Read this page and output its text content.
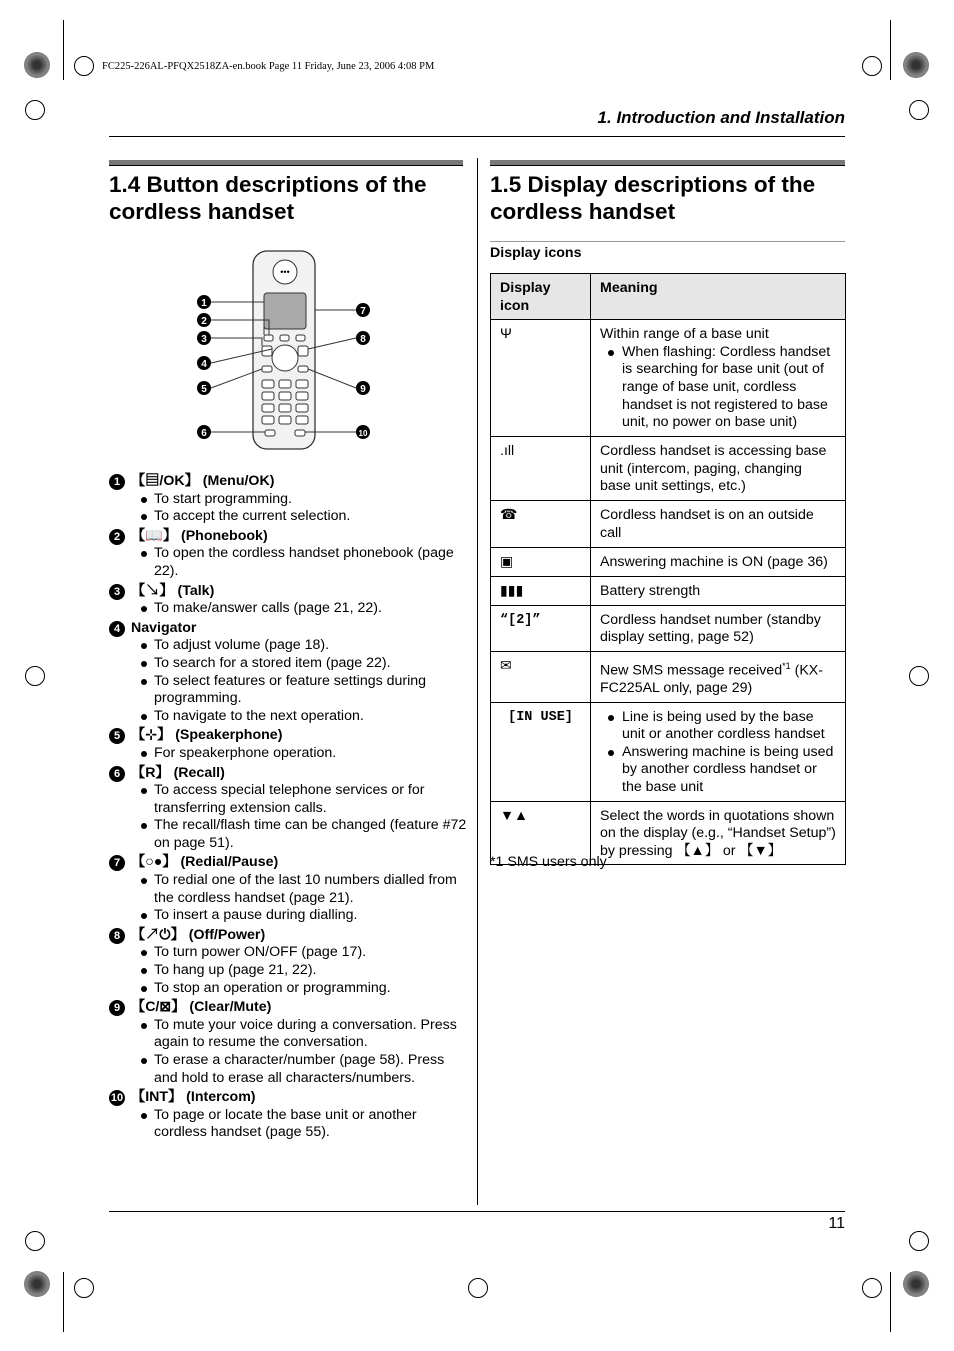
FC225-226AL-PFQX2518ZA-en.book Page 11 Friday, June 23, 2006 4:08 PM
1. Introduction and Installation
1.4 Button descriptions of the
cordless handset
•••
1
2
3
4
5
6
7
8
9
10
1 【▤/OK】 (Menu/OK)
To start programming.
To accept the current selection.
2 【📖】 (Phonebook)
To open the cordless handset phonebook (page 22).
3 【↘】 (Talk)
To make/answer calls (page 21, 22).
4 Navigator
To adjust volume (page 18).
To search for a stored item (page 22).
To select features or feature settings during programming.
To navigate to the next operation.
5 【⊹】 (Speakerphone)
For speakerphone operation.
6 【R】 (Recall)
To access special telephone services or for transferring extension calls.
The recall/flash time can be changed (feature #72 on page 51).
7 【○●】 (Redial/Pause)
To redial one of the last 10 numbers dialled from the cordless handset (page 21).
To insert a pause during dialling.
8 【↗⏻】 (Off/Power)
To turn power ON/OFF (page 17).
To hang up (page 21, 22).
To stop an operation or programming.
9 【C/⊠】 (Clear/Mute)
To mute your voice during a conversation. Press again to resume the conversation.
To erase a character/number (page 58). Press and hold to erase all characters/numbers.
10 【INT】 (Intercom)
To page or locate the base unit or another cordless handset (page 55).
1.5 Display descriptions of the
cordless handset
Display icons
Display icon	Meaning
Ψ	Within range of a base unit
When flashing: Cordless handset is searching for base unit (out of range of base unit, cordless handset is not registered to base unit, no power on base unit)

.ıll	Cordless handset is accessing base unit (intercom, paging, changing base unit settings, etc.)

☎	Cordless handset is on an outside call

▣	Answering machine is ON (page 36)

▮▮▮	Battery strength

“[2]”	Cordless handset number (standby display setting, page 52)

✉	New SMS message received$^{*1}$ (KX-FC225AL only, page 29)

[IN USE]	Line is being used by the base unit or another cordless handset
Answering machine is being used by another cordless handset or the base unit

▼▲	Select the words in quotations shown on the display (e.g., “Handset Setup”) by pressing 【▲】 or 【▼】
*1 SMS users only
11
